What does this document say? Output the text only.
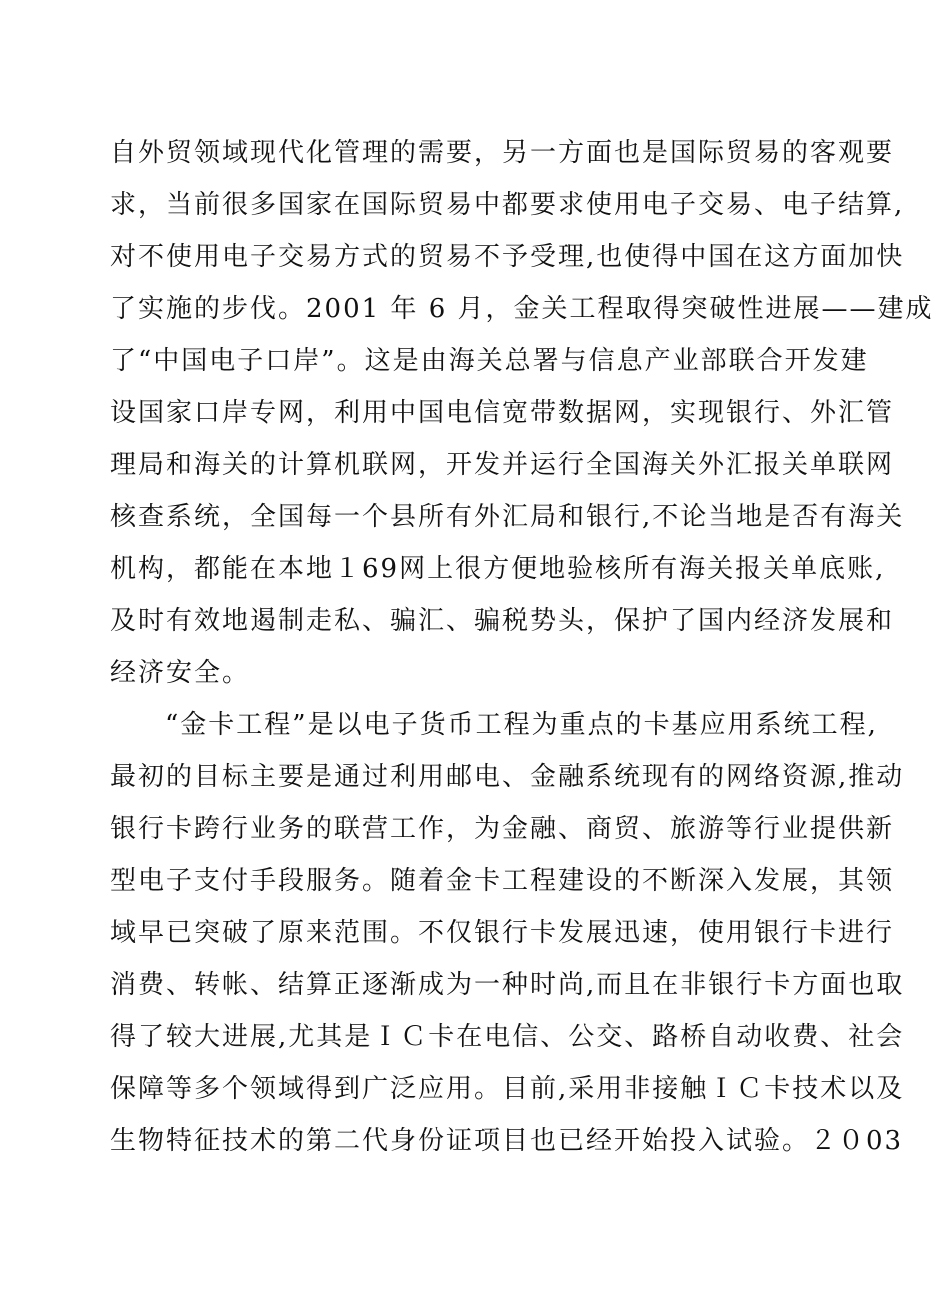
自外贸领域现代化管理的需要，另一方面也是国际贸易的客观要
求，当前很多国家在国际贸易中都要求使用电子交易、电子结算,
对不使用电子交易方式的贸易不予受理,也使得中国在这方面加快
了实施的步伐。2001 年 6 月，金关工程取得突破性进展——建成
了“中国电子口岸”。这是由海关总署与信息产业部联合开发建
设国家口岸专网，利用中国电信宽带数据网，实现银行、外汇管
理局和海关的计算机联网，开发并运行全国海关外汇报关单联网
核查系统，全国每一个县所有外汇局和银行,不论当地是否有海关
机构，都能在本地１69网上很方便地验核所有海关报关单底账,
及时有效地遏制走私、骗汇、骗税势头，保护了国内经济发展和
经济安全。
“金卡工程”是以电子货币工程为重点的卡基应用系统工程,
最初的目标主要是通过利用邮电、金融系统现有的网络资源,推动
银行卡跨行业务的联营工作，为金融、商贸、旅游等行业提供新
型电子支付手段服务。随着金卡工程建设的不断深入发展，其领
域早已突破了原来范围。不仅银行卡发展迅速，使用银行卡进行
消费、转帐、结算正逐渐成为一种时尚,而且在非银行卡方面也取
得了较大进展,尤其是ＩＣ卡在电信、公交、路桥自动收费、社会
保障等多个领域得到广泛应用。目前,采用非接触ＩＣ卡技术以及
生物特征技术的第二代身份证项目也已经开始投入试验。２０03
